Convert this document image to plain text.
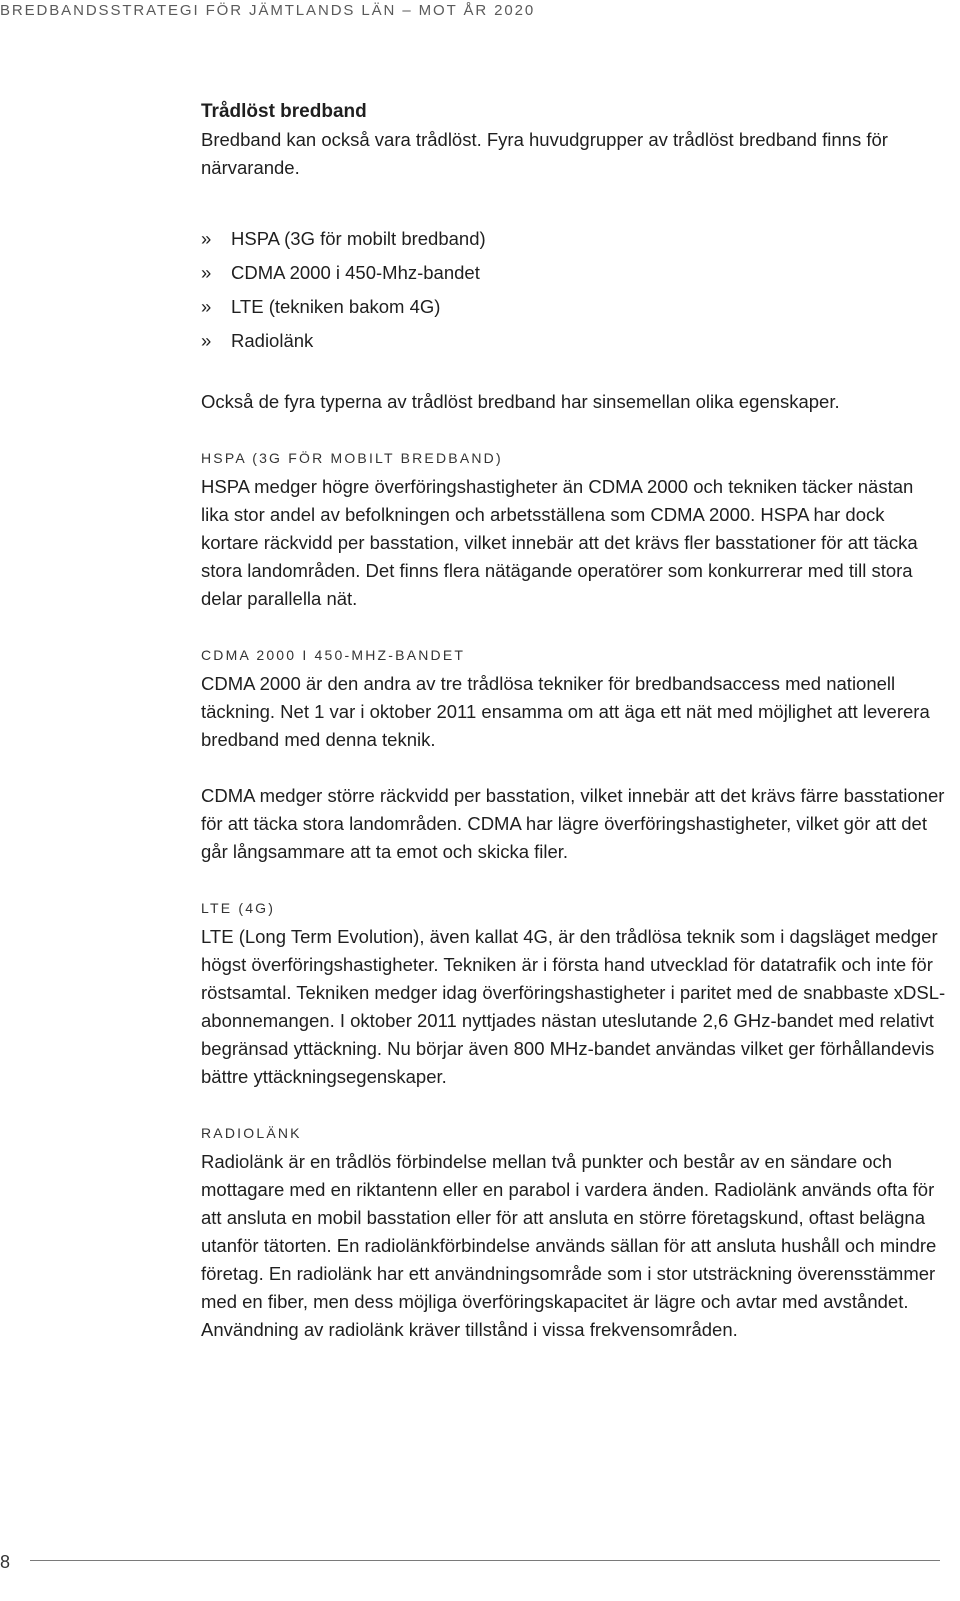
BREDBANDSSTRATEGI FÖR JÄMTLANDS LÄN – MOT ÅR 2020
Trådlöst bredband

Bredband kan också vara trådlöst. Fyra huvudgrupper av trådlöst bredband finns för närvarande.

» HSPA (3G för mobilt bredband)
» CDMA 2000 i 450-Mhz-bandet
» LTE (tekniken bakom 4G)
» Radiolänk

Också de fyra typerna av trådlöst bredband har sinsemellan olika egenskaper.

HSPA (3G FÖR MOBILT BREDBAND)

HSPA medger högre överföringshastigheter än CDMA 2000 och tekniken täcker nästan lika stor andel av befolkningen och arbetsställena som CDMA 2000. HSPA har dock kortare räckvidd per basstation, vilket innebär att det krävs fler basstationer för att täcka stora landområden. Det finns flera nätägande operatörer som konkurrerar med till stora delar parallella nät.

CDMA 2000 I 450-MHZ-BANDET

CDMA 2000 är den andra av tre trådlösa tekniker för bredbandsaccess med nationell täckning. Net 1 var i oktober 2011 ensamma om att äga ett nät med möjlighet att leverera bredband med denna teknik.

CDMA medger större räckvidd per basstation, vilket innebär att det krävs färre basstationer för att täcka stora landområden. CDMA har lägre överföringshastigheter, vilket gör att det går långsammare att ta emot och skicka filer.

LTE (4G)

LTE (Long Term Evolution), även kallat 4G, är den trådlösa teknik som i dagsläget medger högst överföringshastigheter. Tekniken är i första hand utvecklad för datatrafik och inte för röstsamtal. Tekniken medger idag överföringshastigheter i paritet med de snabbaste xDSL-abonnemangen. I oktober 2011 nyttjades nästan uteslutande 2,6 GHz-bandet med relativt begränsad yttäckning. Nu börjar även 800 MHz-bandet användas vilket ger förhållandevis bättre yttäckningsegenskaper.

RADIOLÄNK

Radiolänk är en trådlös förbindelse mellan två punkter och består av en sändare och mottagare med en riktantenn eller en parabol i vardera änden. Radiolänk används ofta för att ansluta en mobil basstation eller för att ansluta en större företagskund, oftast belägna utanför tätorten. En radiolänkförbindelse används sällan för att ansluta hushåll och mindre företag. En radiolänk har ett användningsområde som i stor utsträckning överensstämmer med en fiber, men dess möjliga överföringskapacitet är lägre och avtar med avståndet. Användning av radiolänk kräver tillstånd i vissa frekvensområden.

8
